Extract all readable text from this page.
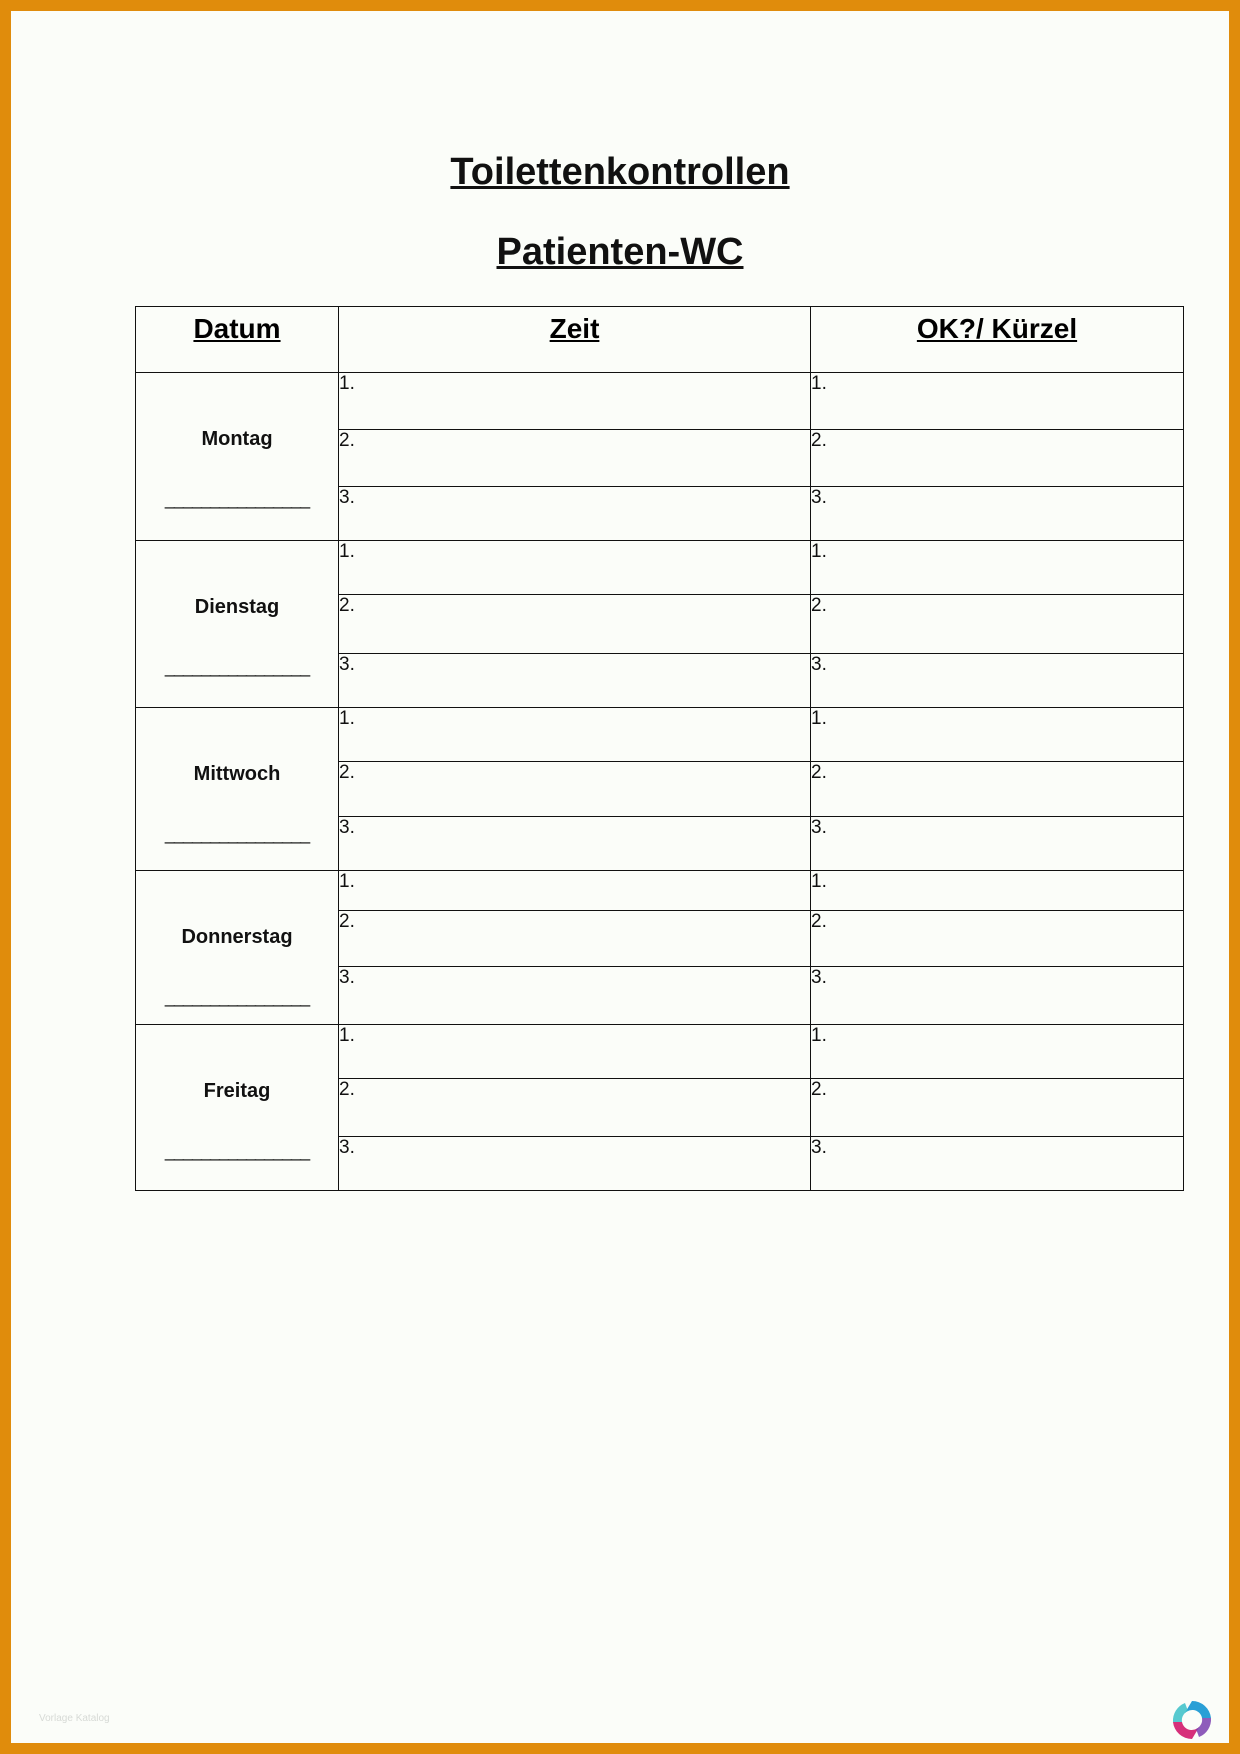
Toilettenkontrollen
Patienten-WC
Datum	Zeit	OK?/ Kürzel

Montag
________________	1.	1.
	2.	2.
	3.	3.

Dienstag
________________	1.	1.
	2.	2.
	3.	3.

Mittwoch
________________	1.	1.
	2.	2.
	3.	3.

Donnerstag
________________	1.	1.
	2.	2.
	3.	3.

Freitag
________________	1.	1.
	2.	2.
	3.	3.
Vorlage Katalog
